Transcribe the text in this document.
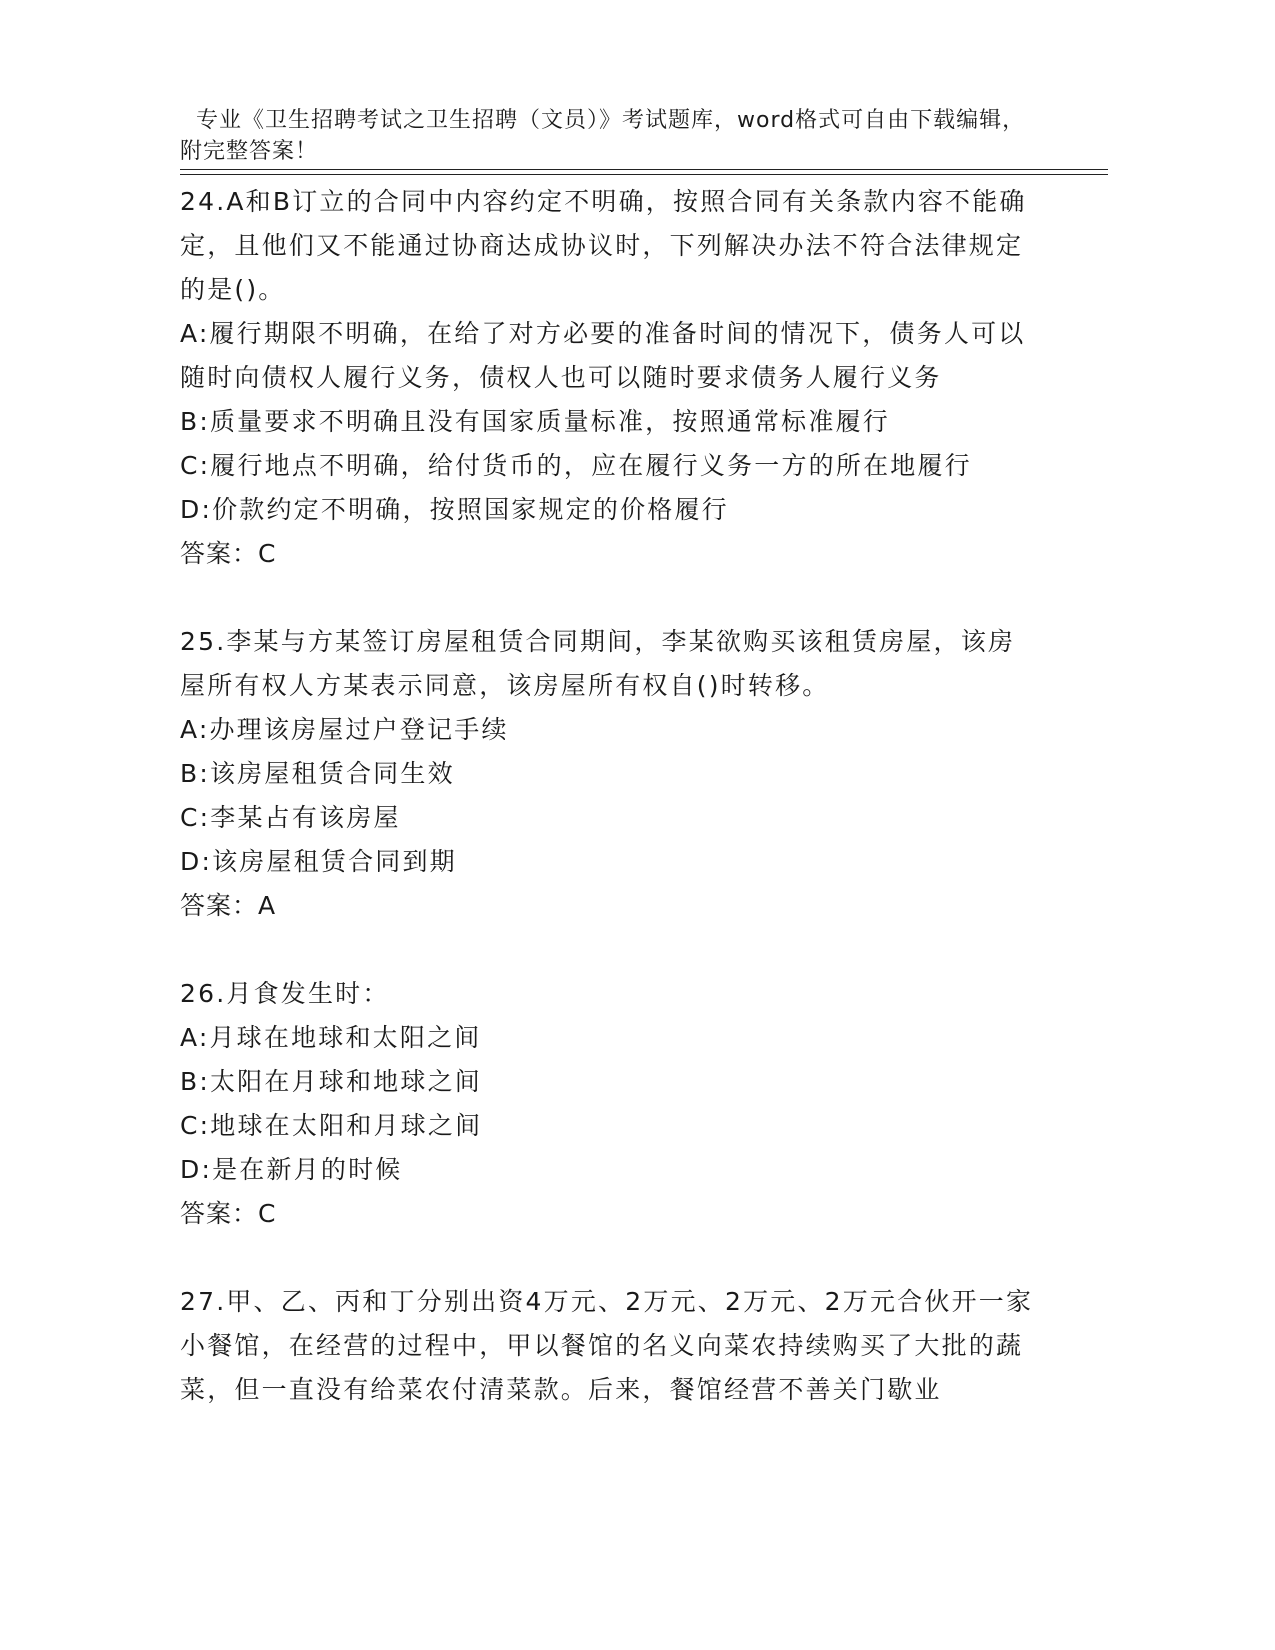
专业《卫生招聘考试之卫生招聘（文员）》考试题库，word格式可自由下载编辑，附完整答案！

24.A和B订立的合同中内容约定不明确，按照合同有关条款内容不能确定，且他们又不能通过协商达成协议时，下列解决办法不符合法律规定的是()。

A:履行期限不明确，在给了对方必要的准备时间的情况下，债务人可以随时向债权人履行义务，债权人也可以随时要求债务人履行义务

B:质量要求不明确且没有国家质量标准，按照通常标准履行

C:履行地点不明确，给付货币的，应在履行义务一方的所在地履行

D:价款约定不明确，按照国家规定的价格履行

答案：C

25.李某与方某签订房屋租赁合同期间，李某欲购买该租赁房屋，该房屋所有权人方某表示同意，该房屋所有权自()时转移。

A:办理该房屋过户登记手续

B:该房屋租赁合同生效

C:李某占有该房屋

D:该房屋租赁合同到期

答案：A

26.月食发生时：

A:月球在地球和太阳之间

B:太阳在月球和地球之间

C:地球在太阳和月球之间

D:是在新月的时候

答案：C

27.甲、乙、丙和丁分别出资4万元、2万元、2万元、2万元合伙开一家小餐馆，在经营的过程中，甲以餐馆的名义向菜农持续购买了大批的蔬菜，但一直没有给菜农付清菜款。后来，餐馆经营不善关门歇业
